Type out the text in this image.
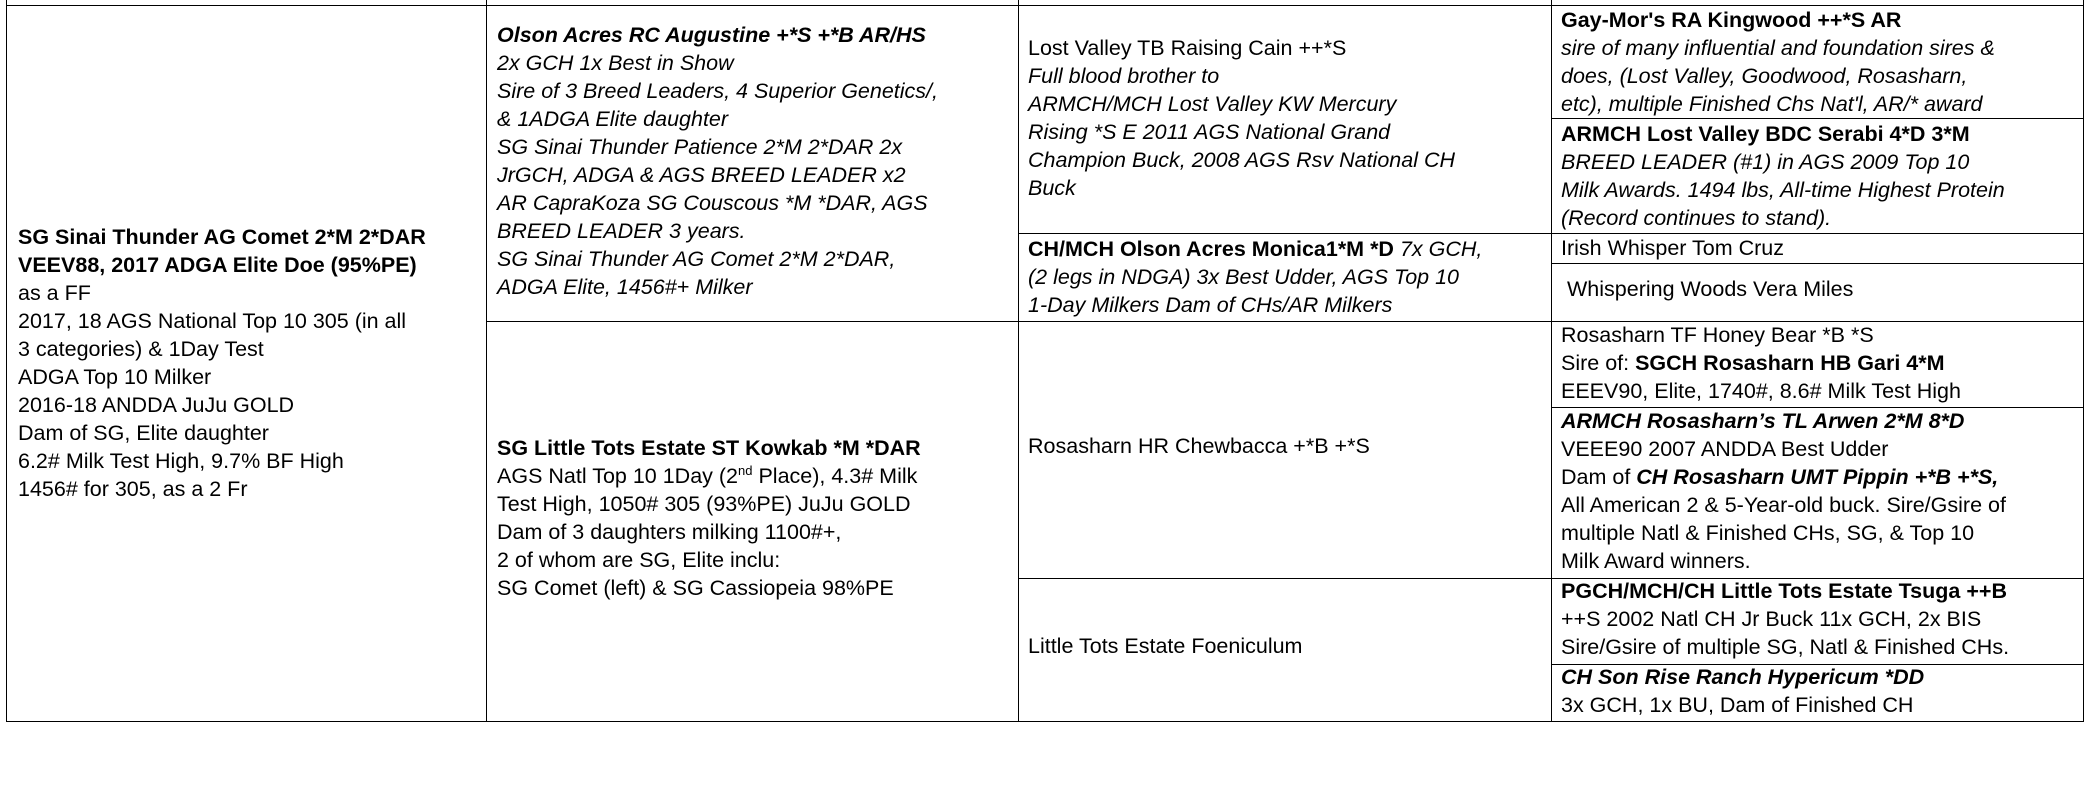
SG Sinai Thunder AG Comet 2*M 2*DAR
VEEV88, 2017 ADGA Elite Doe (95%PE)
as a FF
2017, 18 AGS National Top 10 305 (in all
3 categories) & 1Day Test
ADGA Top 10 Milker
2016-18 ANDDA JuJu GOLD
Dam of SG, Elite daughter
6.2# Milk Test High, 9.7% BF High
1456# for 305, as a 2 Fr
Olson Acres RC Augustine +*S +*B AR/HS
2x GCH 1x Best in Show
Sire of 3 Breed Leaders, 4 Superior Genetics/,
& 1ADGA Elite daughter
SG Sinai Thunder Patience 2*M 2*DAR 2x
JrGCH, ADGA & AGS BREED LEADER x2
AR CapraKoza SG Couscous *M *DAR, AGS
BREED LEADER 3 years.
SG Sinai Thunder AG Comet 2*M 2*DAR,
ADGA Elite, 1456#+ Milker
SG Little Tots Estate ST Kowkab *M *DAR
AGS Natl Top 10 1Day (2nd Place), 4.3# Milk
Test High, 1050# 305 (93%PE) JuJu GOLD
Dam of 3 daughters milking 1100#+,
2 of whom are SG, Elite inclu:
SG Comet (left) & SG Cassiopeia 98%PE
Lost Valley TB Raising Cain ++*S
Full blood brother to
ARMCH/MCH Lost Valley KW Mercury
Rising *S E 2011 AGS National Grand
Champion Buck, 2008 AGS Rsv National CH
Buck
CH/MCH Olson Acres Monica1*M *D 7x GCH,
(2 legs in NDGA) 3x Best Udder, AGS Top 10
1-Day Milkers Dam of CHs/AR Milkers
Rosasharn HR Chewbacca +*B +*S
Little Tots Estate Foeniculum
Gay-Mor's RA Kingwood ++*S AR
sire of many influential and foundation sires &
does, (Lost Valley, Goodwood, Rosasharn,
etc), multiple Finished Chs Nat'l, AR/* award
ARMCH Lost Valley BDC Serabi 4*D 3*M
BREED LEADER (#1) in AGS 2009 Top 10
Milk Awards. 1494 lbs, All-time Highest Protein
(Record continues to stand).
Irish Whisper Tom Cruz
Whispering Woods Vera Miles
Rosasharn TF Honey Bear *B *S
Sire of: SGCH Rosasharn HB Gari 4*M
EEEV90, Elite, 1740#, 8.6# Milk Test High
ARMCH Rosasharn’s TL Arwen 2*M 8*D
VEEE90 2007 ANDDA Best Udder
Dam of CH Rosasharn UMT Pippin +*B +*S,
All American 2 & 5-Year-old buck. Sire/Gsire of
multiple Natl & Finished CHs, SG, & Top 10
Milk Award winners.
PGCH/MCH/CH Little Tots Estate Tsuga ++B
++S 2002 Natl CH Jr Buck 11x GCH, 2x BIS
Sire/Gsire of multiple SG, Natl & Finished CHs.
CH Son Rise Ranch Hypericum *DD
3x GCH, 1x BU, Dam of Finished CH
